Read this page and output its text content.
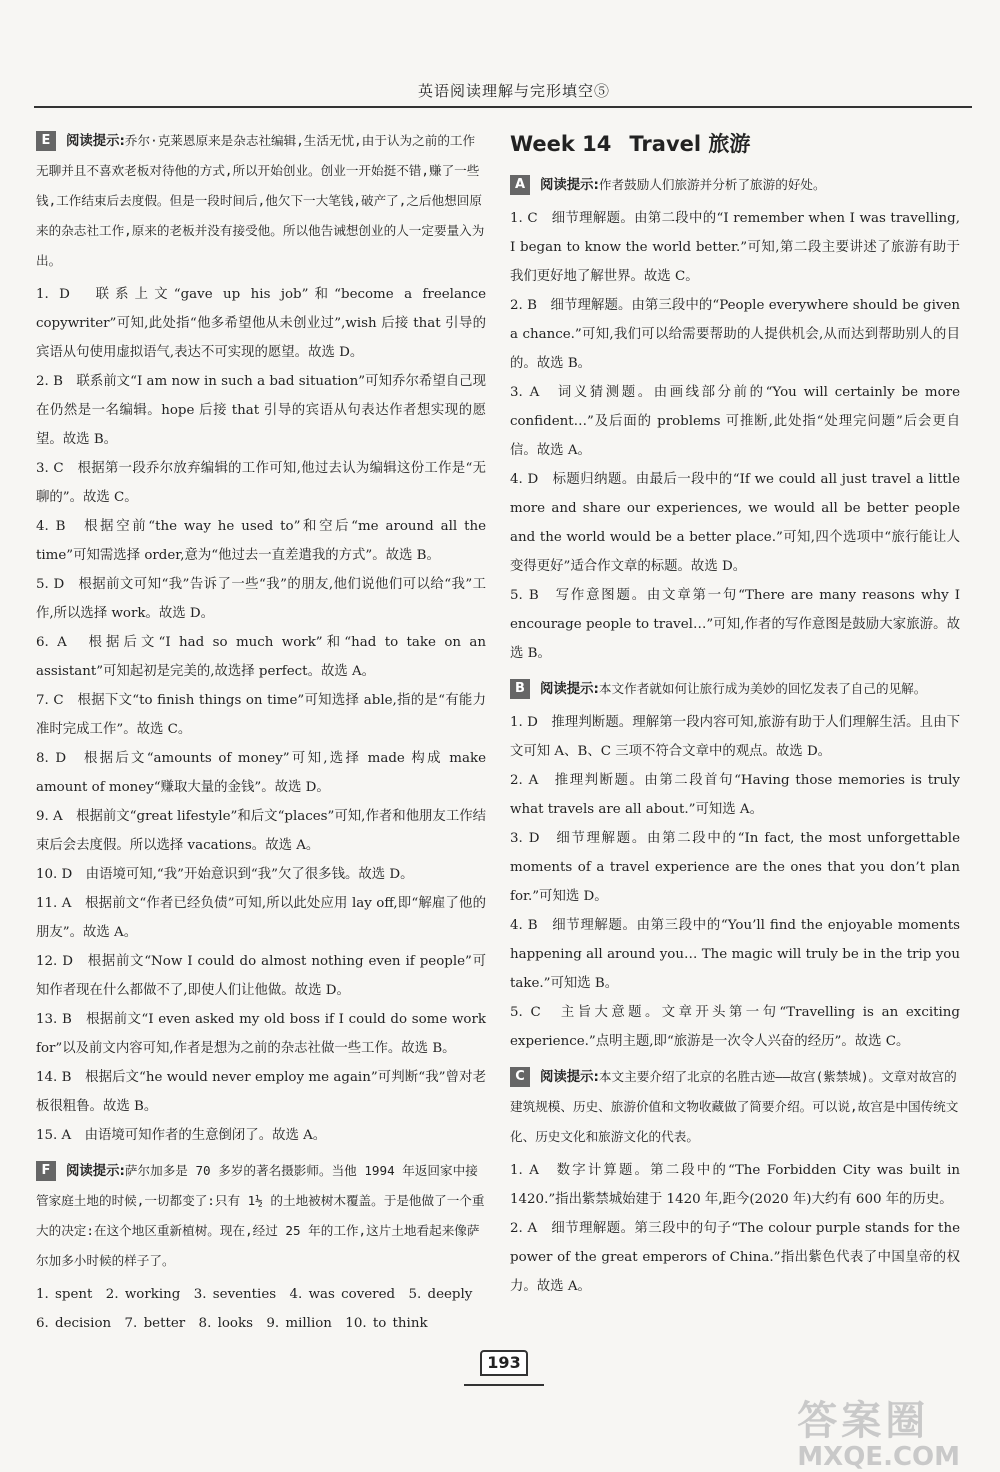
英语阅读理解与完形填空⑤
E 阅读提示:乔尔·克莱恩原来是杂志社编辑,生活无忧,由于认为之前的工作无聊并且不喜欢老板对待他的方式,所以开始创业。创业一开始挺不错,赚了一些钱,工作结束后去度假。但是一段时间后,他欠下一大笔钱,破产了,之后他想回原来的杂志社工作,原来的老板并没有接受他。所以他告诫想创业的人一定要量入为出。

1. D　联系上文“gave up his job”和“become a freelance copywriter”可知,此处指“他多希望他从未创业过”,wish 后接 that 引导的宾语从句使用虚拟语气,表达不可实现的愿望。故选 D。

2. B　联系前文“I am now in such a bad situation”可知乔尔希望自己现在仍然是一名编辑。hope 后接 that 引导的宾语从句表达作者想实现的愿望。故选 B。

3. C　根据第一段乔尔放弃编辑的工作可知,他过去认为编辑这份工作是“无聊的”。故选 C。

4. B　根据空前“the way he used to”和空后“me around all the time”可知需选择 order,意为“他过去一直差遣我的方式”。故选 B。

5. D　根据前文可知“我”告诉了一些“我”的朋友,他们说他们可以给“我”工作,所以选择 work。故选 D。

6. A　根据后文“I had so much work”和“had to take on an assistant”可知起初是完美的,故选择 perfect。故选 A。

7. C　根据下文“to finish things on time”可知选择 able,指的是“有能力准时完成工作”。故选 C。

8. D　根据后文“amounts of money”可知,选择 made 构成 make amount of money“赚取大量的金钱”。故选 D。

9. A　根据前文“great lifestyle”和后文“places”可知,作者和他朋友工作结束后会去度假。所以选择 vacations。故选 A。

10. D　由语境可知,“我”开始意识到“我”欠了很多钱。故选 D。

11. A　根据前文“作者已经负债”可知,所以此处应用 lay off,即“解雇了他的朋友”。故选 A。

12. D　根据前文“Now I could do almost nothing even if people”可知作者现在什么都做不了,即使人们让他做。故选 D。

13. B　根据前文“I even asked my old boss if I could do some work for”以及前文内容可知,作者是想为之前的杂志社做一些工作。故选 B。

14. B　根据后文“he would never employ me again”可判断“我”曾对老板很粗鲁。故选 B。

15. A　由语境可知作者的生意倒闭了。故选 A。

F 阅读提示:萨尔加多是 70 多岁的著名摄影师。当他 1994 年返回家中接管家庭土地的时候,一切都变了:只有 1½ 的土地被树木覆盖。于是他做了一个重大的决定:在这个地区重新植树。现在,经过 25 年的工作,这片土地看起来像萨尔加多小时候的样子了。

1. spent　2. working　3. seventies　4. was covered　5. deeply

6. decision　7. better　8. looks　9. million　10. to think

Week 14 Travel 旅游
A 阅读提示:作者鼓励人们旅游并分析了旅游的好处。

1. C　细节理解题。由第二段中的“I remember when I was travelling, I began to know the world better.”可知,第二段主要讲述了旅游有助于我们更好地了解世界。故选 C。

2. B　细节理解题。由第三段中的“People everywhere should be given a chance.”可知,我们可以给需要帮助的人提供机会,从而达到帮助别人的目的。故选 B。

3. A　词义猜测题。由画线部分前的“You will certainly be more confident…”及后面的 problems 可推断,此处指“处理完问题”后会更自信。故选 A。

4. D　标题归纳题。由最后一段中的“If we could all just travel a little more and share our experiences, we would all be better people and the world would be a better place.”可知,四个选项中“旅行能让人变得更好”适合作文章的标题。故选 D。

5. B　写作意图题。由文章第一句“There are many reasons why I encourage people to travel…”可知,作者的写作意图是鼓励大家旅游。故选 B。

B 阅读提示:本文作者就如何让旅行成为美妙的回忆发表了自己的见解。

1. D　推理判断题。理解第一段内容可知,旅游有助于人们理解生活。且由下文可知 A、B、C 三项不符合文章中的观点。故选 D。

2. A　推理判断题。由第二段首句“Having those memories is truly what travels are all about.”可知选 A。

3. D　细节理解题。由第二段中的“In fact, the most unforgettable moments of a travel experience are the ones that you don’t plan for.”可知选 D。

4. B　细节理解题。由第三段中的“You’ll find the enjoyable moments happening all around you… The magic will truly be in the trip you take.”可知选 B。

5. C　主旨大意题。文章开头第一句“Travelling is an exciting experience.”点明主题,即“旅游是一次令人兴奋的经历”。故选 C。

C 阅读提示:本文主要介绍了北京的名胜古迹——故宫(紫禁城)。文章对故宫的建筑规模、历史、旅游价值和文物收藏做了简要介绍。可以说,故宫是中国传统文化、历史文化和旅游文化的代表。

1. A　数字计算题。第二段中的“The Forbidden City was built in 1420.”指出紫禁城始建于 1420 年,距今(2020 年)大约有 600 年的历史。

2. A　细节理解题。第三段中的句子“The colour purple stands for the power of the great emperors of China.”指出紫色代表了中国皇帝的权力。故选 A。

193
答案圈
MXQE.COM
